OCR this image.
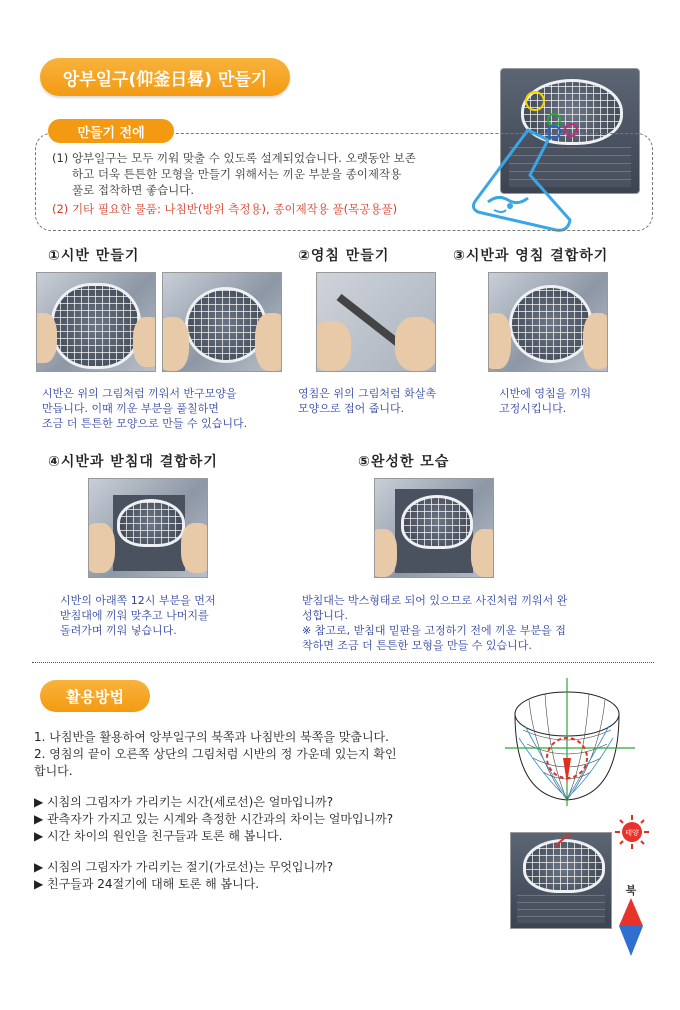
앙부일구(仰釜日晷) 만들기
만들기 전에
(1) 앙부일구는 모두 끼워 맞출 수 있도록 설계되었습니다. 오랫동안 보존
하고 더욱 튼튼한 모형을 만들기 위해서는 끼운 부분을 종이제작용
풀로 접착하면 좋습니다.
(2) 기타 필요한 물품: 나침반(방위 측정용), 종이제작용 풀(목공용풀)
①시반 만들기	②영침 만들기	③시반과 영침 결합하기
시반은 위의 그림처럼 끼워서 반구모양을
만듭니다. 이때 끼운 부분을 풀칠하면
조금 더 튼튼한 모양으로 만들 수 있습니다.
영침은 위의 그림처럼 화살촉
모양으로 접어 줍니다.
시반에 영침을 끼워
고정시킵니다.
④시반과 받침대 결합하기	⑤완성한 모습
시반의 아래쪽 12시 부분을 먼저
받침대에 끼워 맞추고 나머지를
돌려가며 끼워 넣습니다.
받침대는 박스형태로 되어 있으므로 사진처럼 끼워서 완
성합니다.
※ 참고로, 받침대 밑판을 고정하기 전에 끼운 부분을 접
착하면 조금 더 튼튼한 모형을 만들 수 있습니다.
활용방법

1. 나침반을 활용하여 앙부일구의 북쪽과 나침반의 북쪽을 맞춥니다.

2. 영침의 끝이 오른쪽 상단의 그림처럼 시반의 정 가운데 있는지 확인

합니다.

▶ 시침의 그림자가 가리키는 시간(세로선)은 얼마입니까?

▶ 관측자가 가지고 있는 시계와 측정한 시간과의 차이는 얼마입니까?

▶ 시간 차이의 원인을 친구들과 토론 해 봅니다.

▶ 시침의 그림자가 가리키는 절기(가로선)는 무엇입니까?

▶ 친구들과 24절기에 대해 토론 해 봅니다.

태양
북
